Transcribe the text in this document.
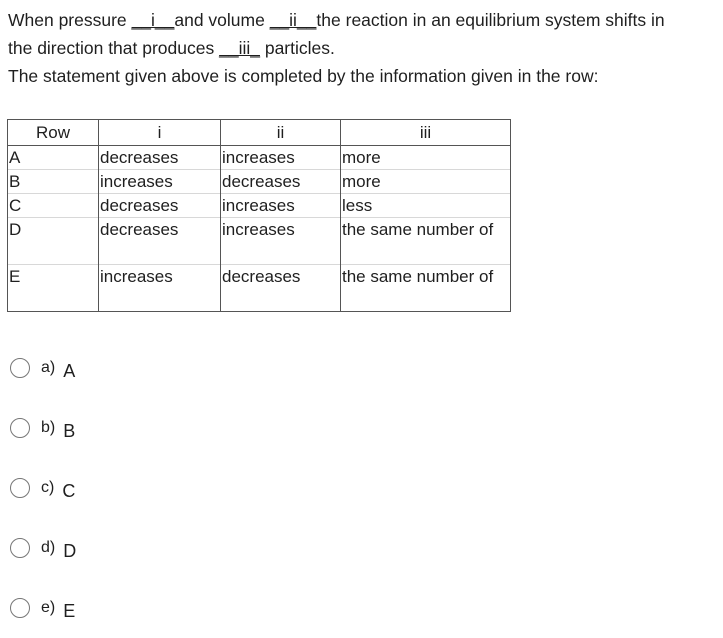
When pressure __i__and volume __ii__the reaction in an equilibrium system shifts in

the direction that produces __iii_ particles.

The statement given above is completed by the information given in the row:

Row	i	ii	iii
A	decreases	increases	more
B	increases	decreases	more
C	decreases	increases	less
D	decreases	increases	the same number of
E	increases	decreases	the same number of
a) A
b) B
c) C
d) D
e) E
